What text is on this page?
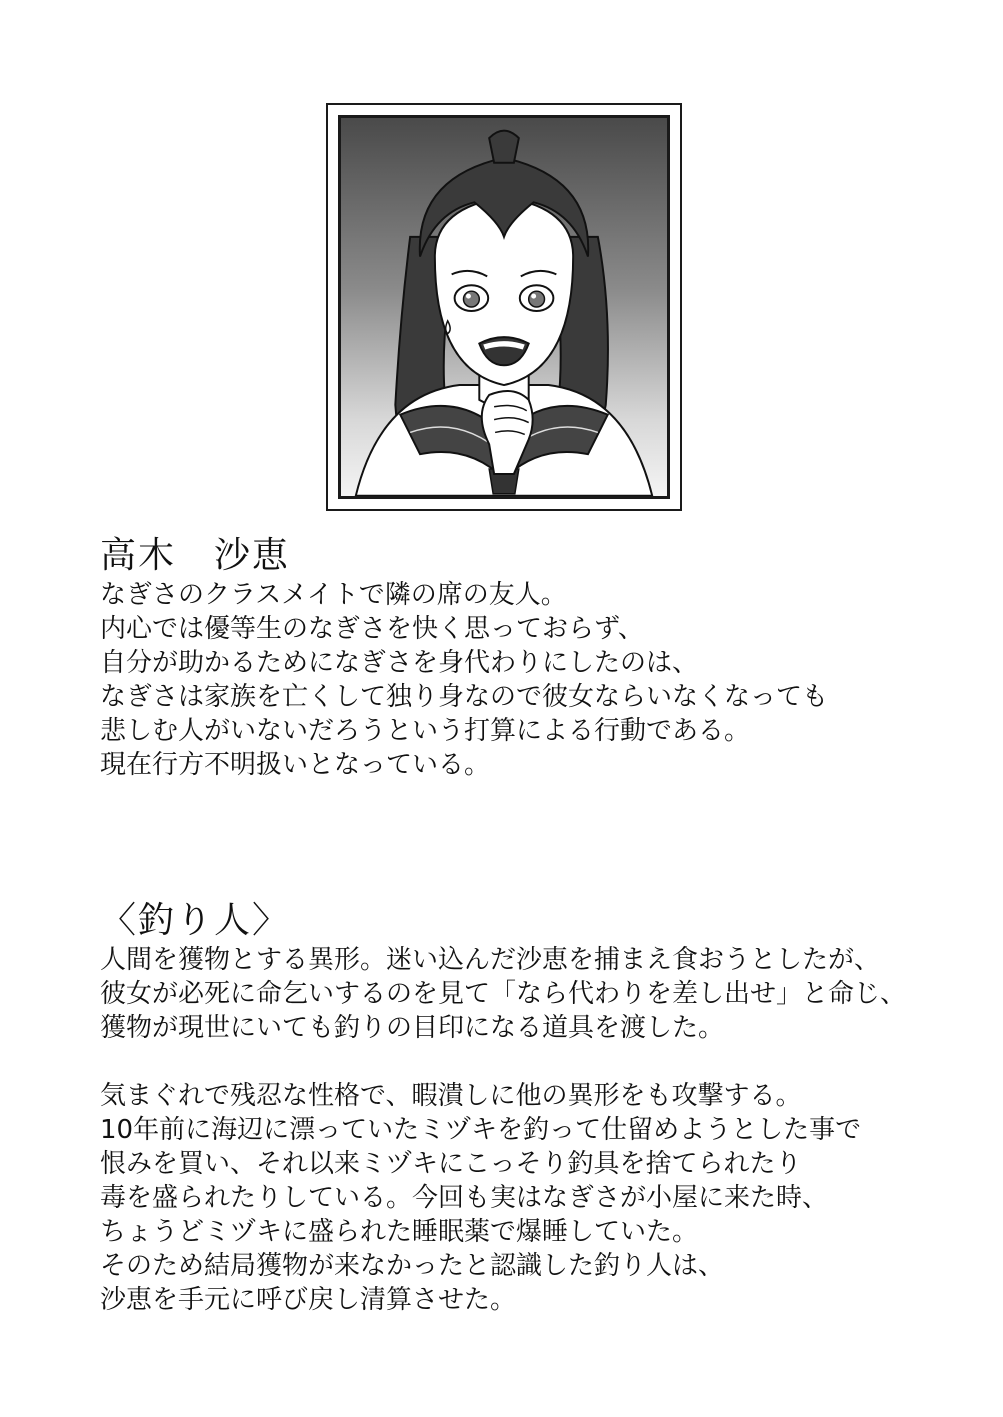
高木　沙恵
なぎさのクラスメイトで隣の席の友人。
内心では優等生のなぎさを快く思っておらず、
自分が助かるためになぎさを身代わりにしたのは、
なぎさは家族を亡くして独り身なので彼女ならいなくなっても
悲しむ人がいないだろうという打算による行動である。
現在行方不明扱いとなっている。
〈釣り人〉
人間を獲物とする異形。迷い込んだ沙恵を捕まえ食おうとしたが、
彼女が必死に命乞いするのを見て「なら代わりを差し出せ」と命じ、
獲物が現世にいても釣りの目印になる道具を渡した。
気まぐれで残忍な性格で、暇潰しに他の異形をも攻撃する。
10年前に海辺に漂っていたミヅキを釣って仕留めようとした事で
恨みを買い、それ以来ミヅキにこっそり釣具を捨てられたり
毒を盛られたりしている。今回も実はなぎさが小屋に来た時、
ちょうどミヅキに盛られた睡眠薬で爆睡していた。
そのため結局獲物が来なかったと認識した釣り人は、
沙恵を手元に呼び戻し清算させた。
